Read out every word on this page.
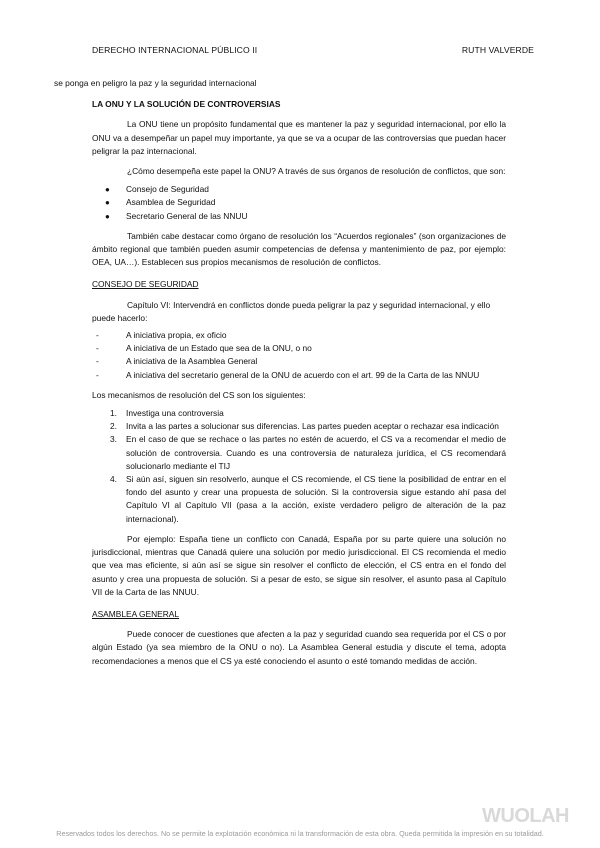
DERECHO INTERNACIONAL PÚBLICO II	RUTH VALVERDE

se ponga en peligro la paz y la seguridad internacional

LA ONU Y LA SOLUCIÓN DE CONTROVERSIAS

La ONU tiene un propósito fundamental que es mantener la paz y seguridad internacional, por ello la ONU va a desempeñar un papel muy importante, ya que se va a ocupar de las controversias que puedan hacer peligrar la paz internacional.

¿Cómo desempeña este papel la ONU? A través de sus órganos de resolución de conflictos, que son:

● Consejo de Seguridad
● Asamblea de Seguridad
● Secretario General de las NNUU

También cabe destacar como órgano de resolución los “Acuerdos regionales” (son organizaciones de ámbito regional que también pueden asumir competencias de defensa y mantenimiento de paz, por ejemplo: OEA, UA…). Establecen sus propios mecanismos de resolución de conflictos.

CONSEJO DE SEGURIDAD

Capítulo VI: Intervendrá en conflictos donde pueda peligrar la paz y seguridad internacional, y ello puede hacerlo:

-	A iniciativa propia, ex oficio
-	A iniciativa de un Estado que sea de la ONU, o no
-	A iniciativa de la Asamblea General
-	A iniciativa del secretario general de la ONU de acuerdo con el art. 99 de la Carta de las NNUU

Los mecanismos de resolución del CS son los siguientes:

1. Investiga una controversia
2. Invita a las partes a solucionar sus diferencias. Las partes pueden aceptar o rechazar esa indicación
3. En el caso de que se rechace o las partes no estén de acuerdo, el CS va a recomendar el medio de solución de controversia. Cuando es una controversia de naturaleza jurídica, el CS recomendará solucionarlo mediante el TIJ
4. Si aún así, siguen sin resolverlo, aunque el CS recomiende, el CS tiene la posibilidad de entrar en el fondo del asunto y crear una propuesta de solución. Si la controversia sigue estando ahí pasa del Capítulo VI al Capítulo VII (pasa a la acción, existe verdadero peligro de alteración de la paz internacional).

Por ejemplo: España tiene un conflicto con Canadá, España por su parte quiere una solución no jurisdiccional, mientras que Canadá quiere una solución por medio jurisdiccional. El CS recomienda el medio que vea mas eficiente, si aún así se sigue sin resolver el conflicto de elección, el CS entra en el fondo del asunto y crea una propuesta de solución. Si a pesar de esto, se sigue sin resolver, el asunto pasa al Capítulo VII de la Carta de las NNUU.

ASAMBLEA GENERAL

Puede conocer de cuestiones que afecten a la paz y seguridad cuando sea requerida por el CS o por algún Estado (ya sea miembro de la ONU o no). La Asamblea General estudia y discute el tema, adopta recomendaciones a menos que el CS ya esté conociendo el asunto o esté tomando medidas de acción.

WUOLAH
Reservados todos los derechos. No se permite la explotación económica ni la transformación de esta obra. Queda permitida la impresión en su totalidad.
